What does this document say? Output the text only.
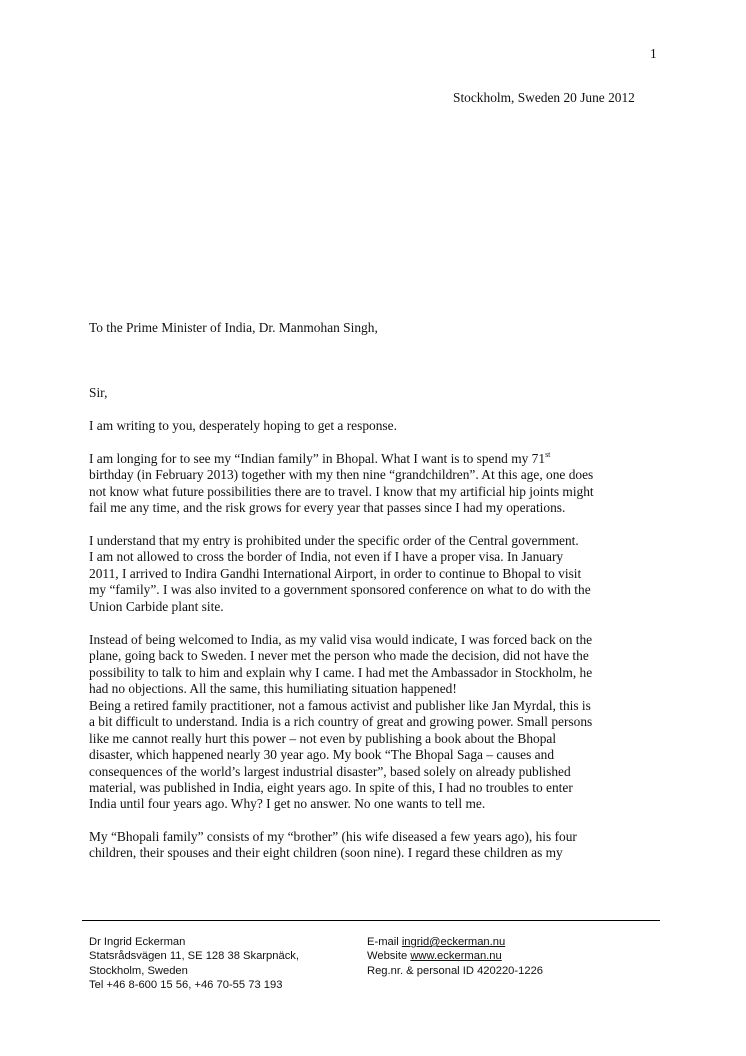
1
Stockholm, Sweden 20 June 2012
To the Prime Minister of India, Dr. Manmohan Singh,
Sir,
I am writing to you, desperately hoping to get a response.
I am longing for to see my “Indian family” in Bhopal. What I want is to spend my 71st
birthday (in February 2013) together with my then nine “grandchildren”. At this age, one does
not know what future possibilities there are to travel. I know that my artificial hip joints might
fail me any time, and the risk grows for every year that passes since I had my operations.
I understand that my entry is prohibited under the specific order of the Central government.
I am not allowed to cross the border of India, not even if I have a proper visa. In January
2011, I arrived to Indira Gandhi International Airport, in order to continue to Bhopal to visit
my “family”. I was also invited to a government sponsored conference on what to do with the
Union Carbide plant site.
Instead of being welcomed to India, as my valid visa would indicate, I was forced back on the
plane, going back to Sweden. I never met the person who made the decision, did not have the
possibility to talk to him and explain why I came. I had met the Ambassador in Stockholm, he
had no objections. All the same, this humiliating situation happened!
Being a retired family practitioner, not a famous activist and publisher like Jan Myrdal, this is
a bit difficult to understand. India is a rich country of great and growing power. Small persons
like me cannot really hurt this power – not even by publishing a book about the Bhopal
disaster, which happened nearly 30 year ago. My book “The Bhopal Saga – causes and
consequences of the world’s largest industrial disaster”, based solely on already published
material, was published in India, eight years ago. In spite of this, I had no troubles to enter
India until four years ago. Why? I get no answer. No one wants to tell me.
My “Bhopali family” consists of my “brother” (his wife diseased a few years ago), his four
children, their spouses and their eight children (soon nine). I regard these children as my
Dr Ingrid Eckerman
Statsrådsvägen 11, SE 128 38 Skarpnäck,
Stockholm, Sweden
Tel +46 8-600 15 56, +46 70-55 73 193
E-mail ingrid@eckerman.nu
Website www.eckerman.nu
Reg.nr. & personal ID 420220-1226
